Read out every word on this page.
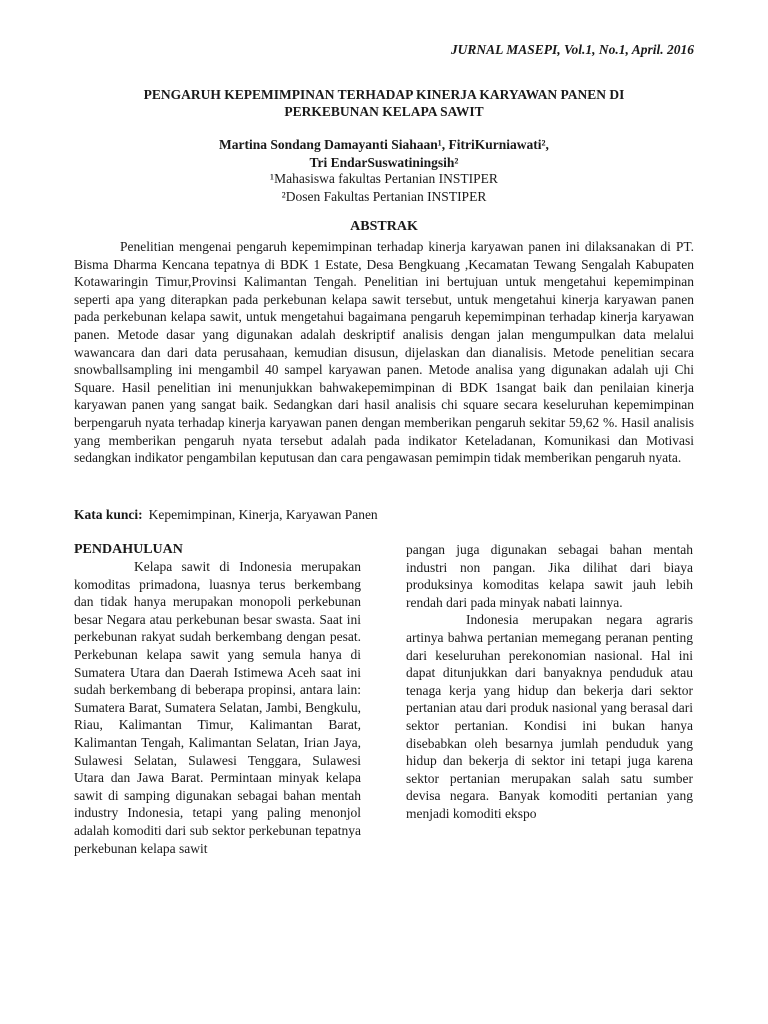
JURNAL MASEPI, Vol.1, No.1, April. 2016
PENGARUH KEPEMIMPINAN TERHADAP KINERJA KARYAWAN PANEN DI
PERKEBUNAN KELAPA SAWIT
Martina Sondang Damayanti Siahaan¹, FitriKurniawati²,
Tri EndarSuswatiningsih²
¹Mahasiswa fakultas Pertanian INSTIPER
²Dosen Fakultas Pertanian INSTIPER
ABSTRAK

Penelitian mengenai pengaruh kepemimpinan terhadap kinerja karyawan panen ini dilaksanakan di PT. Bisma Dharma Kencana tepatnya di BDK 1 Estate, Desa Bengkuang ,Kecamatan Tewang Sengalah Kabupaten Kotawaringin Timur,Provinsi Kalimantan Tengah. Penelitian ini bertujuan untuk mengetahui kepemimpinan seperti apa yang diterapkan pada perkebunan kelapa sawit tersebut, untuk mengetahui kinerja karyawan panen pada perkebunan kelapa sawit, untuk mengetahui bagaimana pengaruh kepemimpinan terhadap kinerja karyawan panen. Metode dasar yang digunakan adalah deskriptif analisis dengan jalan mengumpulkan data melalui wawancara dan dari data perusahaan, kemudian disusun, dijelaskan dan dianalisis. Metode penelitian secara snowballsampling ini mengambil 40 sampel karyawan panen. Metode analisa yang digunakan adalah uji Chi Square. Hasil penelitian ini menunjukkan bahwakepemimpinan di BDK 1sangat baik dan penilaian kinerja karyawan panen yang sangat baik. Sedangkan dari hasil analisis chi square secara keseluruhan kepemimpinan berpengaruh nyata terhadap kinerja karyawan panen dengan memberikan pengaruh sekitar 59,62 %. Hasil analisis yang memberikan pengaruh nyata tersebut adalah pada indikator Keteladanan, Komunikasi dan Motivasi sedangkan indikator pengambilan keputusan dan cara pengawasan pemimpin tidak memberikan pengaruh nyata.

Kata kunci: Kepemimpinan, Kinerja, Karyawan Panen
PENDAHULUAN

Kelapa sawit di Indonesia merupakan komoditas primadona, luasnya terus berkembang dan tidak hanya merupakan monopoli perkebunan besar Negara atau perkebunan besar swasta. Saat ini perkebunan rakyat sudah berkembang dengan pesat. Perkebunan kelapa sawit yang semula hanya di Sumatera Utara dan Daerah Istimewa Aceh saat ini sudah berkembang di beberapa propinsi, antara lain: Sumatera Barat, Sumatera Selatan, Jambi, Bengkulu, Riau, Kalimantan Timur, Kalimantan Barat, Kalimantan Tengah, Kalimantan Selatan, Irian Jaya, Sulawesi Selatan, Sulawesi Tenggara, Sulawesi Utara dan Jawa Barat. Permintaan minyak kelapa sawit di samping digunakan sebagai bahan mentah industry Indonesia, tetapi yang paling menonjol adalah komoditi dari sub sektor perkebunan tepatnya perkebunan kelapa sawit

pangan juga digunakan sebagai bahan mentah industri non pangan. Jika dilihat dari biaya produksinya komoditas kelapa sawit jauh lebih rendah dari pada minyak nabati lainnya.

Indonesia merupakan negara agraris artinya bahwa pertanian memegang peranan penting dari keseluruhan perekonomian nasional. Hal ini dapat ditunjukkan dari banyaknya penduduk atau tenaga kerja yang hidup dan bekerja dari sektor pertanian atau dari produk nasional yang berasal dari sektor pertanian. Kondisi ini bukan hanya disebabkan oleh besarnya jumlah penduduk yang hidup dan bekerja di sektor ini tetapi juga karena sektor pertanian merupakan salah satu sumber devisa negara. Banyak komoditi pertanian yang menjadi komoditi ekspo
